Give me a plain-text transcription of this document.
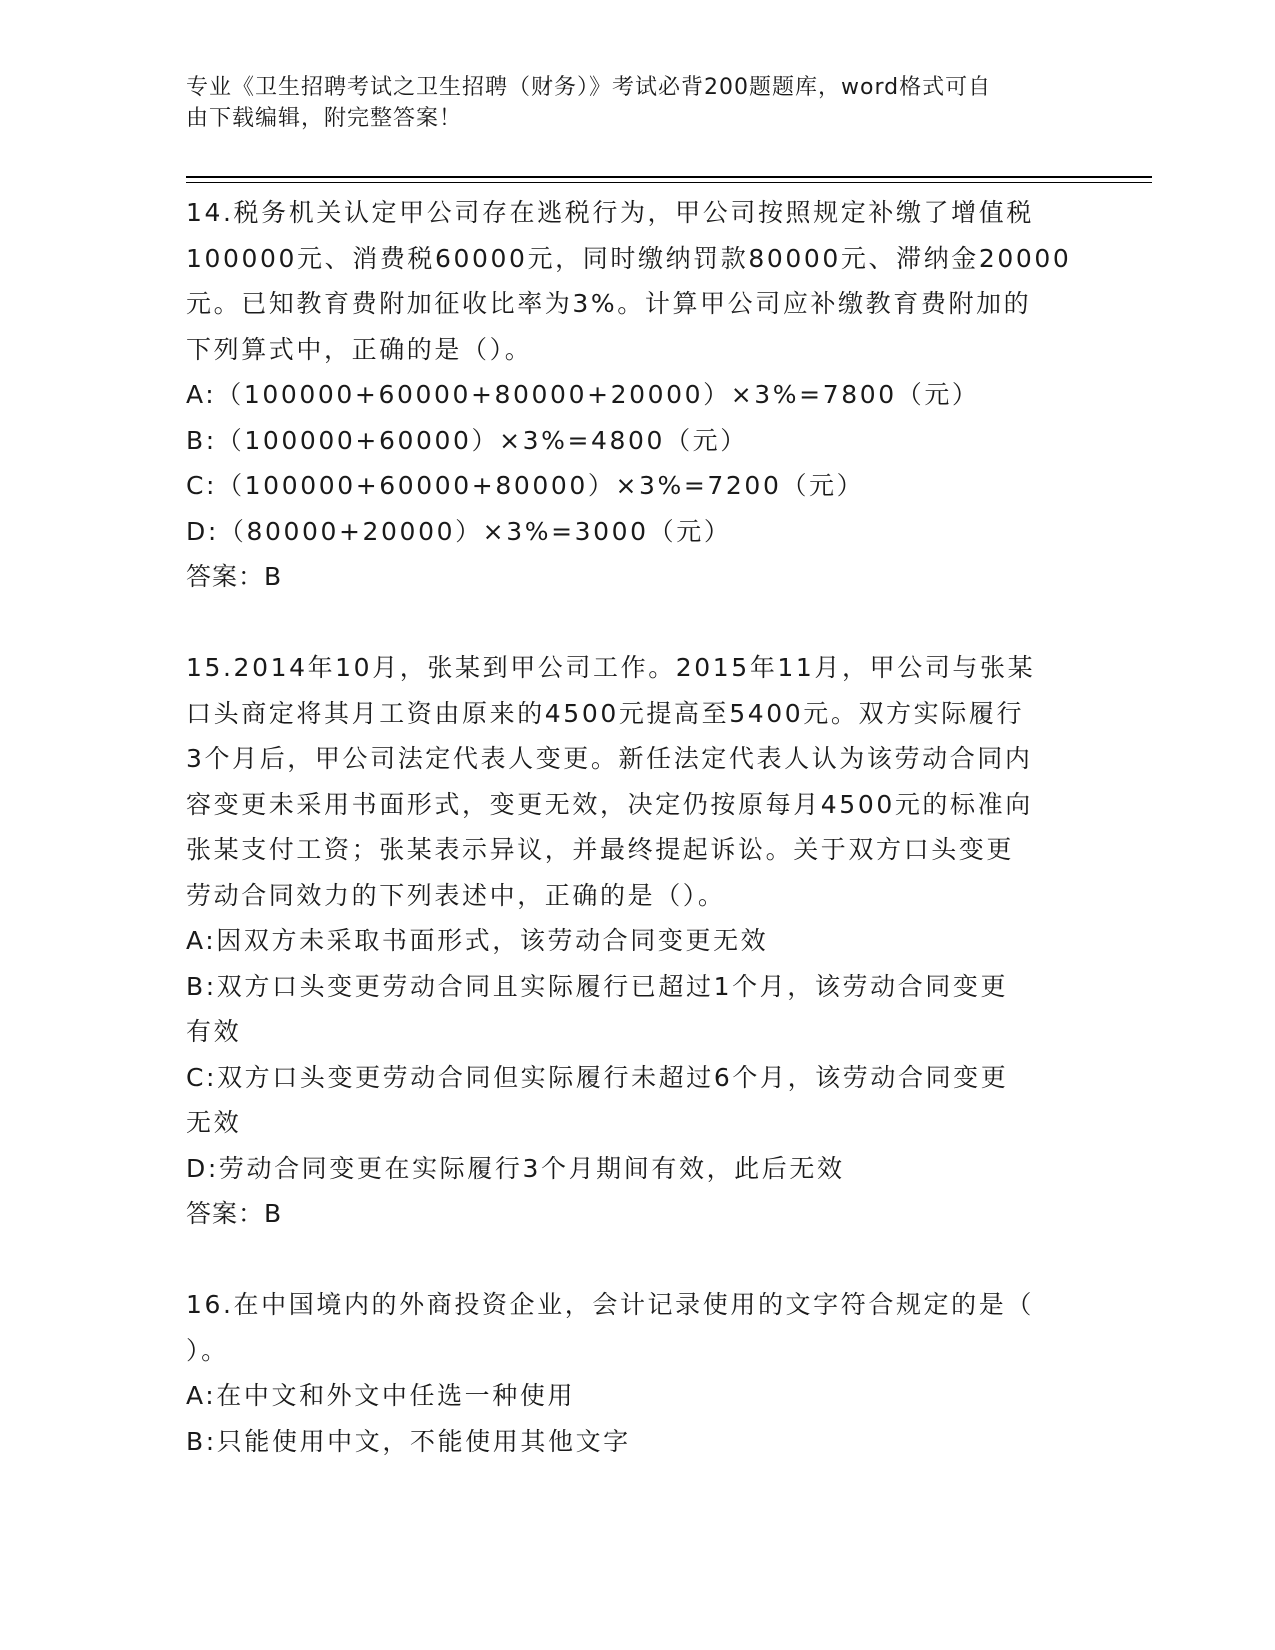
专业《卫生招聘考试之卫生招聘（财务）》考试必背200题题库，word格式可自
由下载编辑，附完整答案！
14.税务机关认定甲公司存在逃税行为，甲公司按照规定补缴了增值税
100000元、消费税60000元，同时缴纳罚款80000元、滞纳金20000
元。已知教育费附加征收比率为3%。计算甲公司应补缴教育费附加的
下列算式中，正确的是（）。
A:（100000+60000+80000+20000）×3%=7800（元）
B:（100000+60000）×3%=4800（元）
C:（100000+60000+80000）×3%=7200（元）
D:（80000+20000）×3%=3000（元）
答案：B
15.2014年10月，张某到甲公司工作。2015年11月，甲公司与张某
口头商定将其月工资由原来的4500元提高至5400元。双方实际履行
3个月后，甲公司法定代表人变更。新任法定代表人认为该劳动合同内
容变更未采用书面形式，变更无效，决定仍按原每月4500元的标准向
张某支付工资；张某表示异议，并最终提起诉讼。关于双方口头变更
劳动合同效力的下列表述中，正确的是（）。
A:因双方未采取书面形式，该劳动合同变更无效
B:双方口头变更劳动合同且实际履行已超过1个月，该劳动合同变更
有效
C:双方口头变更劳动合同但实际履行未超过6个月，该劳动合同变更
无效
D:劳动合同变更在实际履行3个月期间有效，此后无效
答案：B
16.在中国境内的外商投资企业，会计记录使用的文字符合规定的是（
）。
A:在中文和外文中任选一种使用
B:只能使用中文，不能使用其他文字
